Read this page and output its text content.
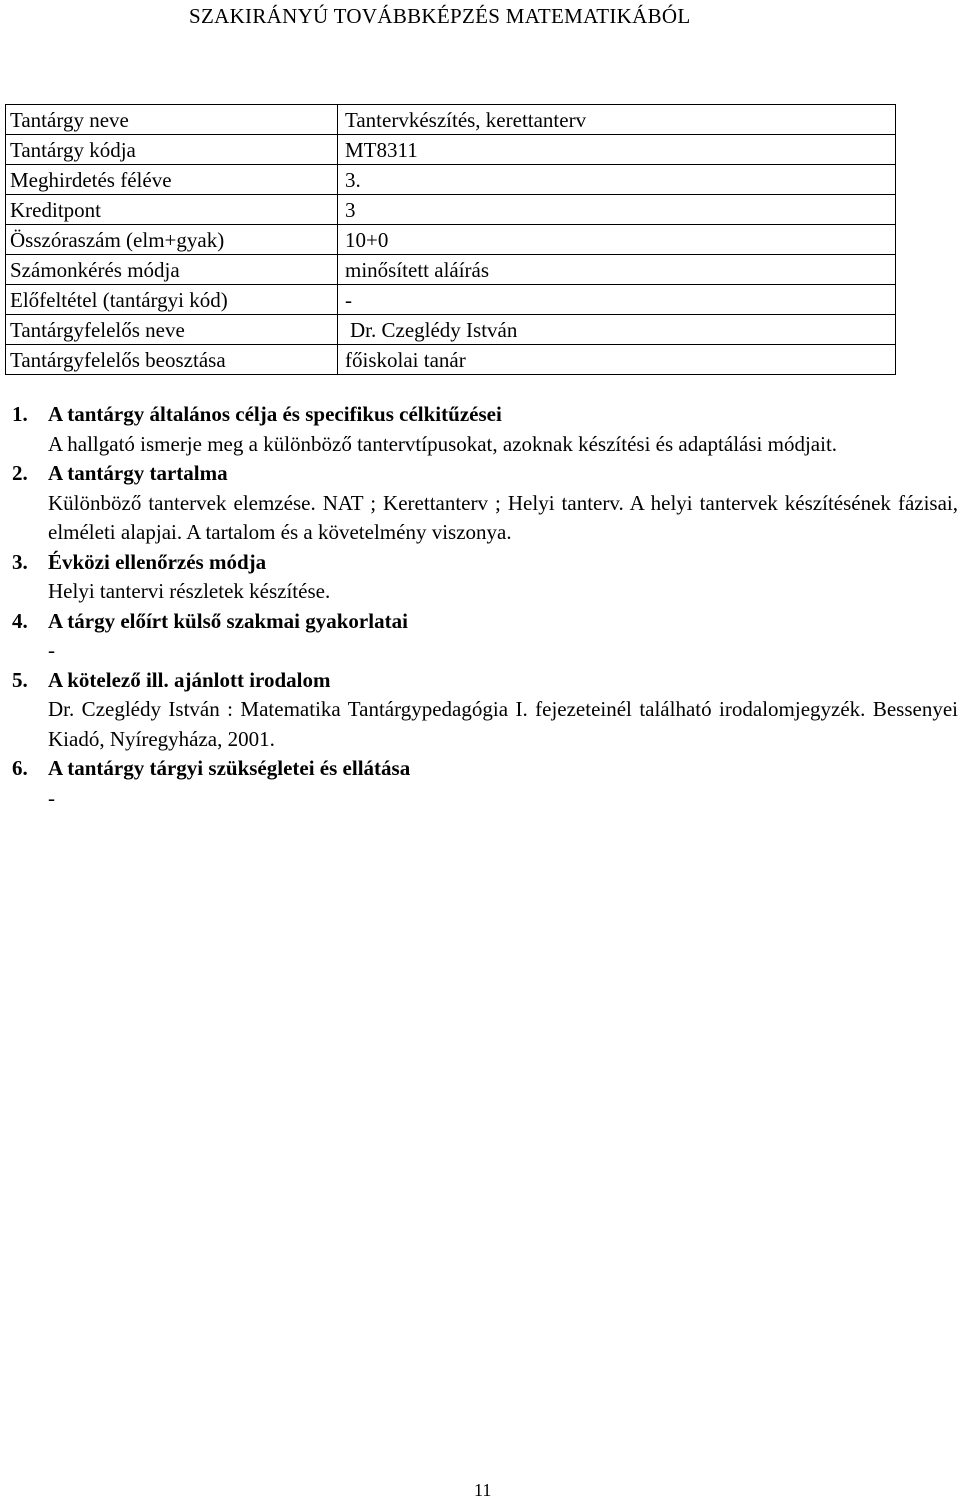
SZAKIRÁNYÚ TOVÁBBKÉPZÉS MATEMATIKÁBÓL
Tantárgy neve	Tantervkészítés, kerettanterv
Tantárgy kódja	MT8311
Meghirdetés féléve	3.
Kreditpont	3
Összóraszám (elm+gyak)	10+0
Számonkérés módja	minősített aláírás
Előfeltétel (tantárgyi kód)	-
Tantárgyfelelős neve	Dr. Czeglédy István
Tantárgyfelelős beosztása	főiskolai tanár
1. A tantárgy általános célja és specifikus célkitűzései
A hallgató ismerje meg a különböző tantervtípusokat, azoknak készítési és adaptálási módjait.
2. A tantárgy tartalma
Különböző tantervek elemzése. NAT ; Kerettanterv ; Helyi tanterv. A helyi tantervek készítésének fázisai, elméleti alapjai. A tartalom és a követelmény viszonya.
3. Évközi ellenőrzés módja
Helyi tantervi részletek készítése.
4. A tárgy előírt külső szakmai gyakorlatai
-
5. A kötelező ill. ajánlott irodalom
Dr. Czeglédy István : Matematika Tantárgypedagógia I. fejezeteinél található irodalomjegyzék. Bessenyei Kiadó, Nyíregyháza, 2001.
6. A tantárgy tárgyi szükségletei és ellátása
-
11
